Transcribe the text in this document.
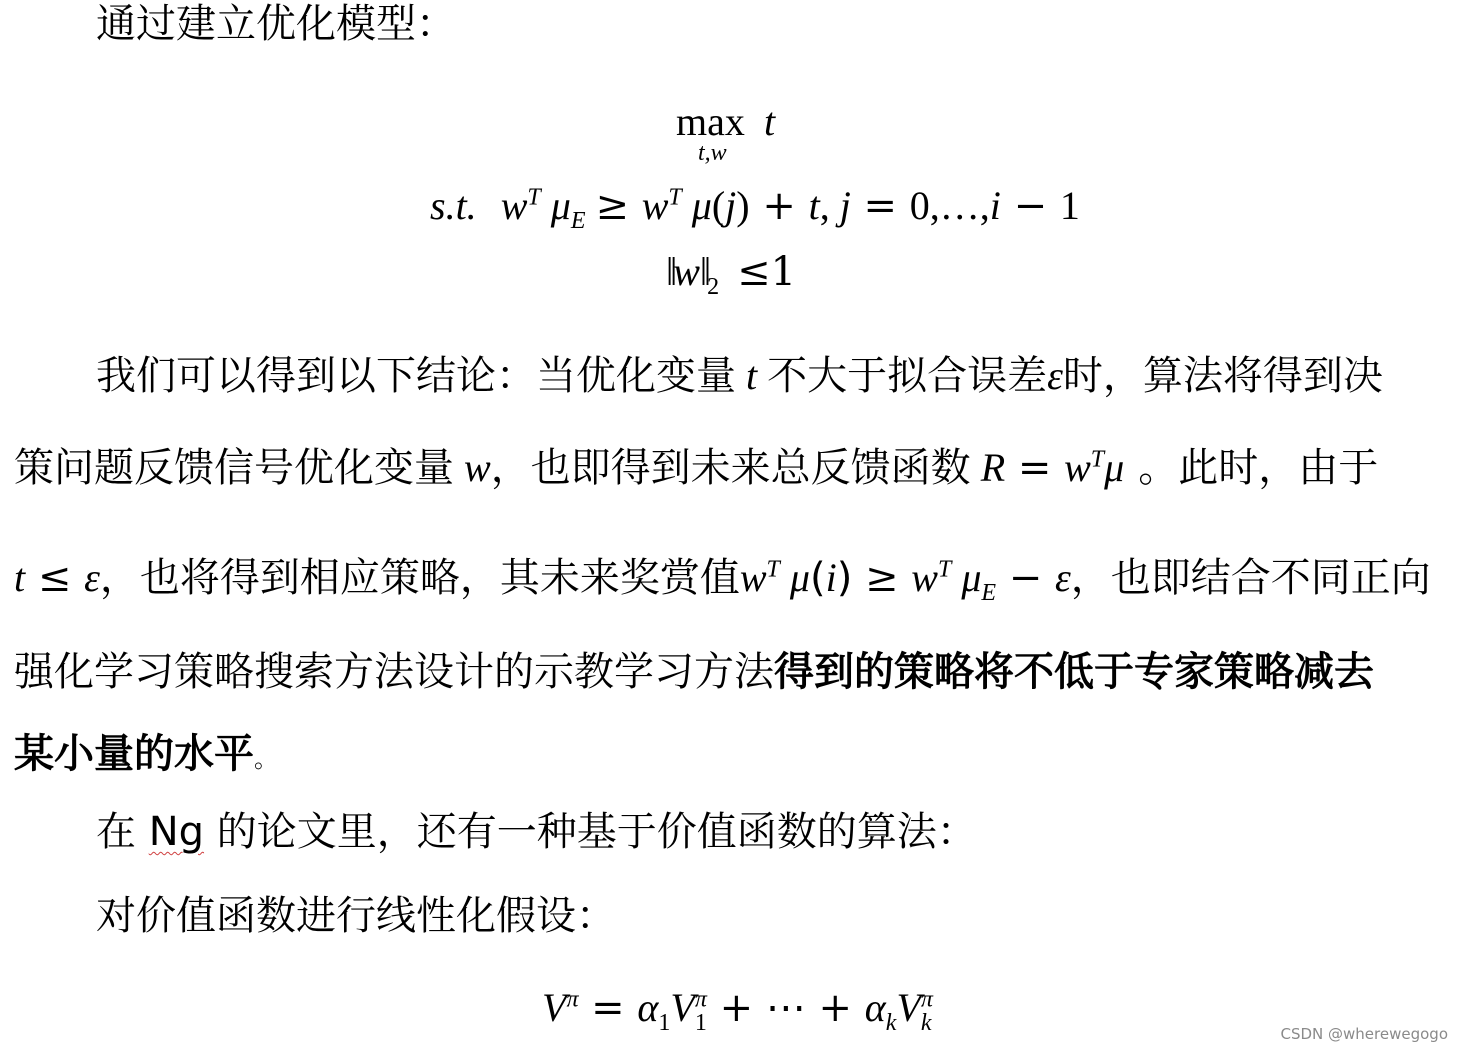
通过建立优化模型：
max t
t,w
s.t. $w^T$ $\mu_E \ge w^T$ μ(j) + t, j = 0,…,i − 1
$‖w‖_2 \le 1$
我们可以得到以下结论：当优化变量 t 不大于拟合误差ε时，算法将得到决
策问题反馈信号优化变量 w，也即得到未来总反馈函数 $R = w^T\mu$ 。此时，由于
t ≤ ε，也将得到相应策略，其未来奖赏值$w^T$ $\mu(i) \ge w^T$ $\mu_E - \varepsilon$，也即结合不同正向
强化学习策略搜索方法设计的示教学习方法得到的策略将不低于专家策略减去
某小量的水平。
在 Ng 的论文里，还有一种基于价值函数的算法：
对价值函数进行线性化假设：
$V^\pi = \alpha_1V^\pi_1$ + ⋯ + $\alpha_kV^\pi_k$	CSDN @wherewegogo
